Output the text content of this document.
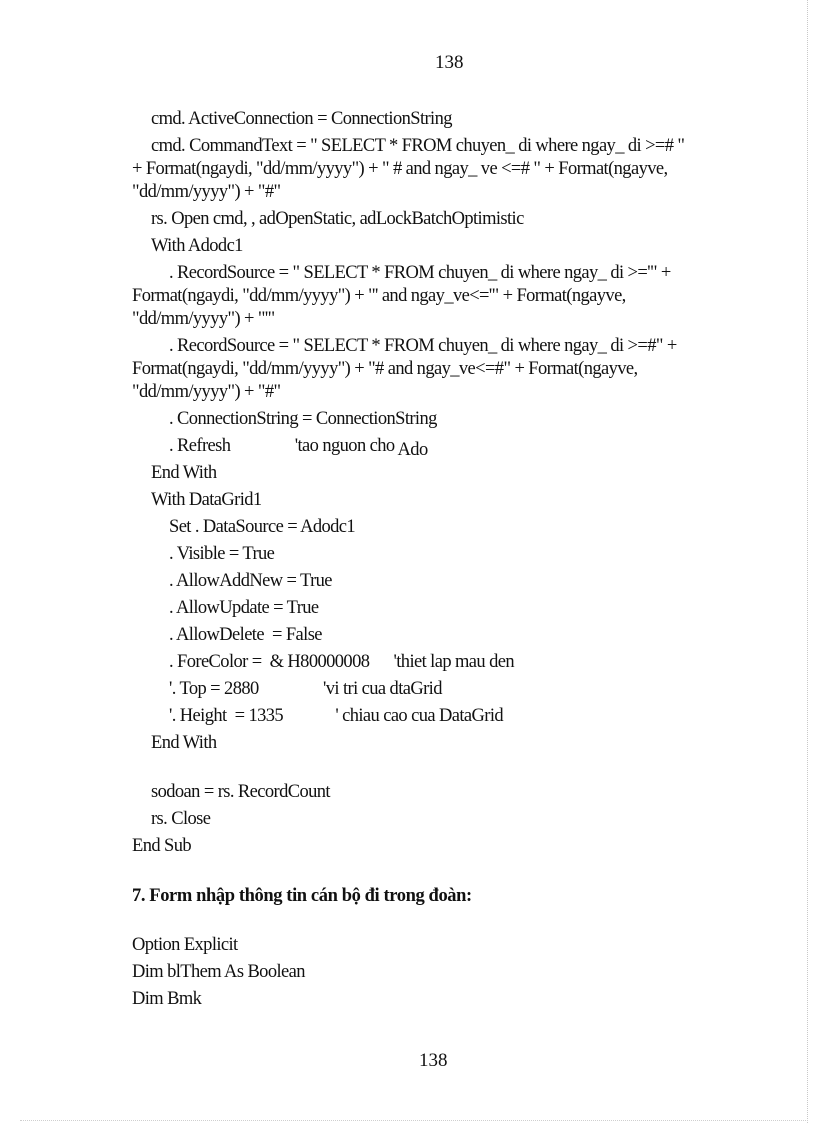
138
cmd. ActiveConnection = ConnectionString
cmd. CommandText = " SELECT * FROM chuyen_ di where ngay_ di >=# "
+ Format(ngaydi, "dd/mm/yyyy") + " # and ngay_ ve <=# " + Format(ngayve,
"dd/mm/yyyy") + "#"
rs. Open cmd, , adOpenStatic, adLockBatchOptimistic
With Adodc1
. RecordSource = " SELECT * FROM chuyen_ di where ngay_ di >='" +
Format(ngaydi, "dd/mm/yyyy") + "' and ngay_ve<='" + Format(ngayve,
"dd/mm/yyyy") + "'"
. RecordSource = " SELECT * FROM chuyen_ di where ngay_ di >=#" +
Format(ngaydi, "dd/mm/yyyy") + "# and ngay_ve<=#" + Format(ngayve,
"dd/mm/yyyy") + "#"
. ConnectionString = ConnectionString
. Refresh                'tao nguon cho Ado
End With
With DataGrid1
Set . DataSource = Adodc1
. Visible = True
. AllowAddNew = True
. AllowUpdate = True
. AllowDelete  = False
. ForeColor =  & H80000008      'thiet lap mau den
'. Top = 2880                'vi tri cua dtaGrid
'. Height  = 1335             ' chiau cao cua DataGrid
End With
sodoan = rs. RecordCount
rs. Close
End Sub
7. Form nhập thông tin cán bộ đi trong đoàn:
Option Explicit
Dim blThem As Boolean
Dim Bmk
138
